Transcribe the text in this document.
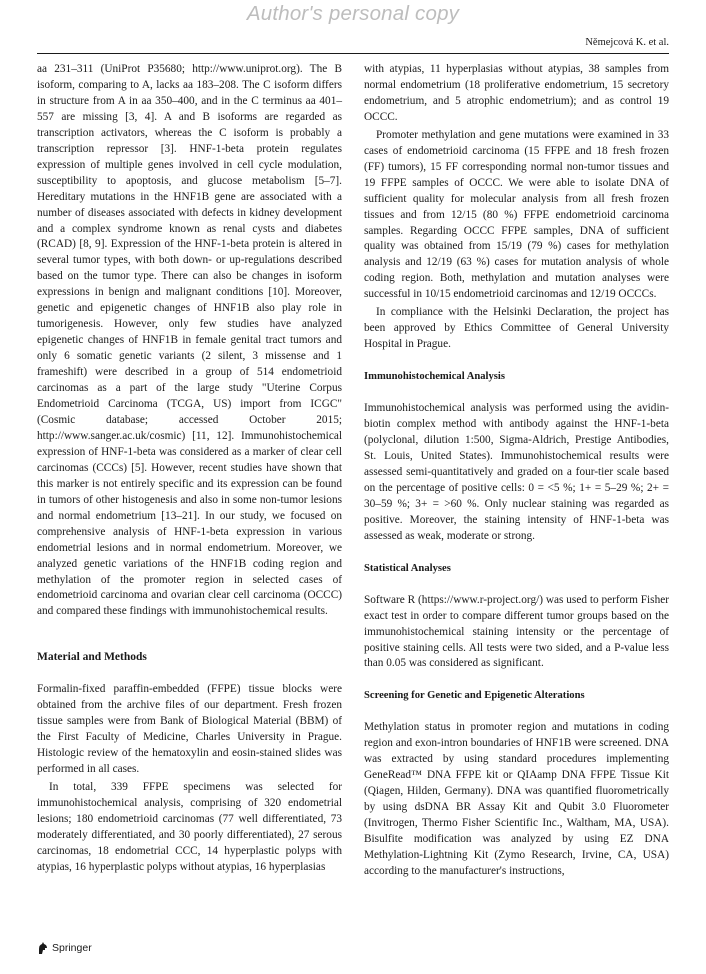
Author's personal copy
Němejcová K. et al.

aa 231–311 (UniProt P35680; http://www.uniprot.org). The B isoform, comparing to A, lacks aa 183–208. The C isoform differs in structure from A in aa 350–400, and in the C terminus aa 401–557 are missing [3, 4]. A and B isoforms are regarded as transcription activators, whereas the C isoform is probably a transcription repressor [3]. HNF-1-beta protein regulates expression of multiple genes involved in cell cycle modulation, susceptibility to apoptosis, and glucose metabolism [5–7]. Hereditary mutations in the HNF1B gene are associated with a number of diseases associated with defects in kidney development and a complex syndrome known as renal cysts and diabetes (RCAD) [8, 9]. Expression of the HNF-1-beta protein is altered in several tumor types, with both down- or up-regulations described based on the tumor type. There can also be changes in isoform expressions in benign and malignant conditions [10]. Moreover, genetic and epigenetic changes of HNF1B also play role in tumorigenesis. However, only few studies have analyzed epigenetic changes of HNF1B in female genital tract tumors and only 6 somatic genetic variants (2 silent, 3 missense and 1 frameshift) were described in a group of 514 endometrioid carcinomas as a part of the large study "Uterine Corpus Endometrioid Carcinoma (TCGA, US) import from ICGC" (Cosmic database; accessed October 2015; http://www.sanger.ac.uk/cosmic) [11, 12]. Immunohistochemical expression of HNF-1-beta was considered as a marker of clear cell carcinomas (CCCs) [5]. However, recent studies have shown that this marker is not entirely specific and its expression can be found in tumors of other histogenesis and also in some non-tumor lesions and normal endometrium [13–21]. In our study, we focused on comprehensive analysis of HNF-1-beta expression in various endometrial lesions and in normal endometrium. Moreover, we analyzed genetic variations of the HNF1B coding region and methylation of the promoter region in selected cases of endometrioid carcinoma and ovarian clear cell carcinoma (OCCC) and compared these findings with immunohistochemical results.

Material and Methods

Formalin-fixed paraffin-embedded (FFPE) tissue blocks were obtained from the archive files of our department. Fresh frozen tissue samples were from Bank of Biological Material (BBM) of the First Faculty of Medicine, Charles University in Prague. Histologic review of the hematoxylin and eosin-stained slides was performed in all cases.

In total, 339 FFPE specimens was selected for immunohistochemical analysis, comprising of 320 endometrial lesions; 180 endometrioid carcinomas (77 well differentiated, 73 moderately differentiated, and 30 poorly differentiated), 27 serous carcinomas, 18 endometrial CCC, 14 hyperplastic polyps with atypias, 16 hyperplastic polyps without atypias, 16 hyperplasias

with atypias, 11 hyperplasias without atypias, 38 samples from normal endometrium (18 proliferative endometrium, 15 secretory endometrium, and 5 atrophic endometrium); and as control 19 OCCC.

Promoter methylation and gene mutations were examined in 33 cases of endometrioid carcinoma (15 FFPE and 18 fresh frozen (FF) tumors), 15 FF corresponding normal non-tumor tissues and 19 FFPE samples of OCCC. We were able to isolate DNA of sufficient quality for molecular analysis from all fresh frozen tissues and from 12/15 (80 %) FFPE endometrioid carcinoma samples. Regarding OCCC FFPE samples, DNA of sufficient quality was obtained from 15/19 (79 %) cases for methylation analysis and 12/19 (63 %) cases for mutation analysis of whole coding region. Both, methylation and mutation analyses were successful in 10/15 endometrioid carcinomas and 12/19 OCCCs.

In compliance with the Helsinki Declaration, the project has been approved by Ethics Committee of General University Hospital in Prague.

Immunohistochemical Analysis

Immunohistochemical analysis was performed using the avidin-biotin complex method with antibody against the HNF-1-beta (polyclonal, dilution 1:500, Sigma-Aldrich, Prestige Antibodies, St. Louis, United States). Immunohistochemical results were assessed semi-quantitatively and graded on a four-tier scale based on the percentage of positive cells: 0 = <5 %; 1+ = 5–29 %; 2+ = 30–59 %; 3+ = >60 %. Only nuclear staining was regarded as positive. Moreover, the staining intensity of HNF-1-beta was assessed as weak, moderate or strong.

Statistical Analyses

Software R (https://www.r-project.org/) was used to perform Fisher exact test in order to compare different tumor groups based on the immunohistochemical staining intensity or the percentage of positive staining cells. All tests were two sided, and a P-value less than 0.05 was considered as significant.

Screening for Genetic and Epigenetic Alterations

Methylation status in promoter region and mutations in coding region and exon-intron boundaries of HNF1B were screened. DNA was extracted by using standard procedures implementing GeneRead™ DNA FFPE kit or QIAamp DNA FFPE Tissue Kit (Qiagen, Hilden, Germany). DNA was quantified fluorometrically by using dsDNA BR Assay Kit and Qubit 3.0 Fluorometer (Invitrogen, Thermo Fisher Scientific Inc., Waltham, MA, USA). Bisulfite modification was analyzed by using EZ DNA Methylation-Lightning Kit (Zymo Research, Irvine, CA, USA) according to the manufacturer's instructions,

Springer
